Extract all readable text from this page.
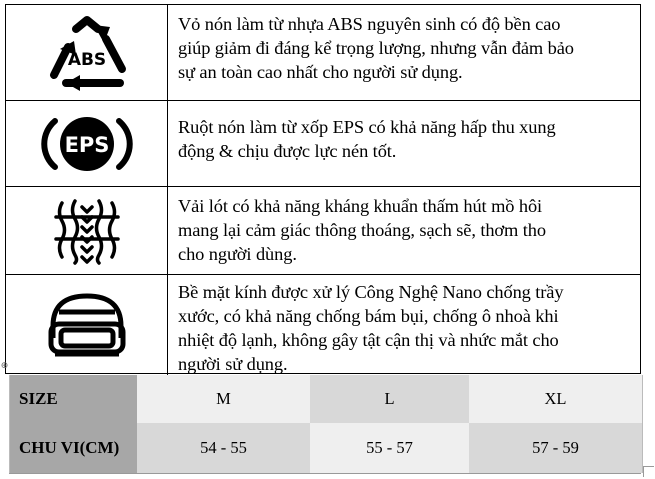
ABS
Vỏ nón làm từ nhựa ABS nguyên sinh có độ bền cao
giúp giảm đi đáng kể trọng lượng, nhưng vẫn đảm bảo
sự an toàn cao nhất cho người sử dụng.
EPS
Ruột nón làm từ xốp EPS có khả năng hấp thu xung
động & chịu được lực nén tốt.
Vải lót có khả năng kháng khuẩn thấm hút mồ hôi
mang lại cảm giác thông thoáng, sạch sẽ, thơm tho
cho người dùng.
Bề mặt kính được xử lý Công Nghệ Nano chống trầy
xước, có khả năng chống bám bụi, chống ô nhoà khi
nhiệt độ lạnh, không gây tật cận thị và nhức mắt cho
người sử dụng.
⊕
SIZE	M	L	XL
CHU VI(CM)	54 - 55	55 - 57	57 - 59
